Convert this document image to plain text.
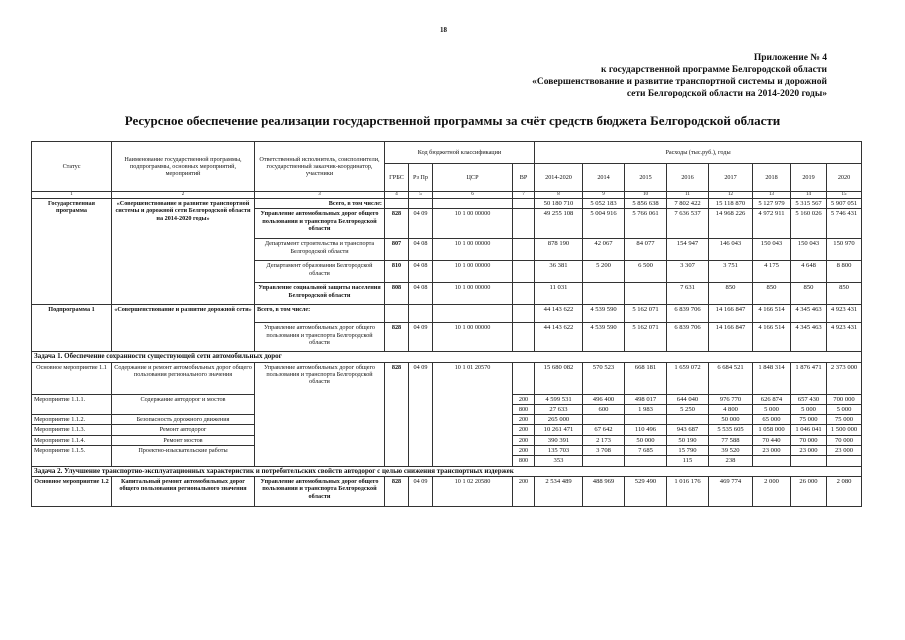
18
Приложение № 4
к государственной программе Белгородской области
«Совершенствование и развитие транспортной системы и дорожной
сети Белгородской области на 2014-2020 годы»
Ресурсное обеспечение реализации государственной программы за счёт средств бюджета Белгородской области
Статус	Наименование государственной программы, подпрограммы, основных мероприятий, мероприятий	Ответственный исполнитель, соисполнители, государственный заказчик-координатор, участники	Код бюджетной классификации				Расходы (тыс.руб.), годы							
			ГРБС	Рз Пр	ЦСР	ВР	2014-2020	2014	2015	2016	2017	2018	2019	2020
1	2	3	4	5	6	7	8	9	10	11	12	13	14	15
Государственная программа	«Совершенствование и развитие транспортной системы и дорожной сети Белгородской области на 2014-2020 годы»	Всего, в том числе:					50 180 710	5 052 183	5 856 638	7 802 422	15 118 870	5 127 979	5 315 567	5 907 051
		Управление автомобильных дорог общего пользования и транспорта Белгородской области	828	04 09	10 1 00 00000		49 255 108	5 004 916	5 766 061	7 636 537	14 968 226	4 972 911	5 160 026	5 746 431
		Департамент строительства и транспорта Белгородской области	807	04 08	10 1 00 00000		878 190	42 067	84 077	154 947	146 043	150 043	150 043	150 970
		Департамент образования Белгородской области	810	04 08	10 1 00 00000		36 381	5 200	6 500	3 307	3 751	4 175	4 648	8 800
		Управление социальной защиты населения Белгородской области	808	04 08	10 1 00 00000		11 031			7 631	850	850	850	850
Подпрограмма 1	«Совершенствование и развитие дорожной сети»	Всего, в том числе:					44 143 622	4 539 590	5 162 071	6 839 706	14 166 847	4 166 514	4 345 463	4 923 431
		Управление автомобильных дорог общего пользования и транспорта Белгородской области	828	04 09	10 1 00 00000		44 143 622	4 539 590	5 162 071	6 839 706	14 166 847	4 166 514	4 345 463	4 923 431
Задача 1. Обеспечение сохранности существующей сети автомобильных дорог														
Основное мероприятие 1.1	Содержание и ремонт автомобильных дорог общего пользования регионального значения	Управление автомобильных дорог общего пользования и транспорта Белгородской области	828	04 09	10 1 01 20570		15 680 082	570 523	668 181	1 659 072	6 684 521	1 848 314	1 876 471	2 373 000
Мероприятие 1.1.1.	Содержание автодорог и мостов					200	4 599 531	496 400	498 017	644 040	976 770	626 874	657 430	700 000
						800	27 633	600	1 983	5 250	4 800	5 000	5 000	5 000
Мероприятие 1.1.2.	Безопасность дорожного движения					200	265 000				50 000	65 000	75 000	75 000
Мероприятие 1.1.3.	Ремонт автодорог					200	10 261 471	67 642	110 496	943 687	5 535 605	1 058 000	1 046 041	1 500 000
Мероприятие 1.1.4.	Ремонт мостов					200	390 391	2 173	50 000	50 190	77 588	70 440	70 000	70 000
Мероприятие 1.1.5.	Проектно-изыскательские работы					200	135 703	3 708	7 685	15 790	39 520	23 000	23 000	23 000
						800	353			115	238			
Задача 2. Улучшение транспортно-эксплуатационных характеристик и потребительских свойств автодорог с целью снижения транспортных издержек														
Основное мероприятие 1.2	Капитальный ремонт автомобильных дорог общего пользования регионального значения	Управление автомобильных дорог общего пользования и транспорта Белгородской области	828	04 09	10 1 02 20580	200	2 534 489	488 969	529 490	1 016 176	469 774	2 000	26 000	2 080
